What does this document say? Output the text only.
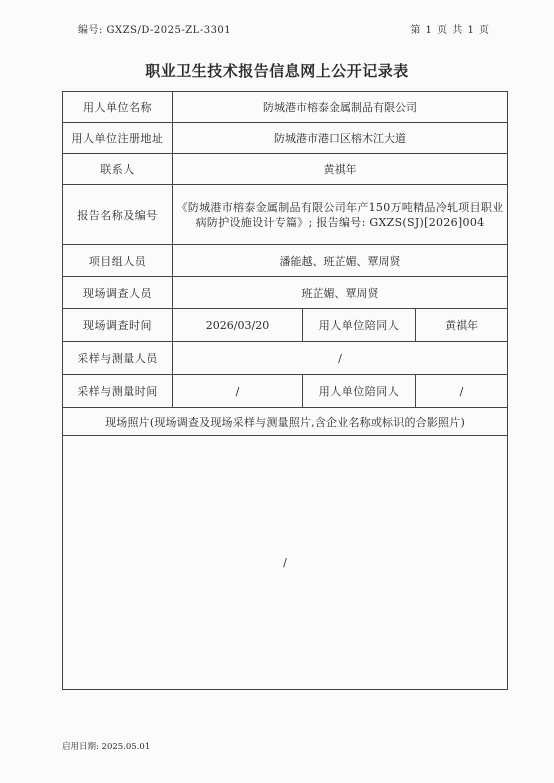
编号: GXZS/D-2025-ZL-3301	第 1 页 共 1 页
职业卫生技术报告信息网上公开记录表
用人单位名称	防城港市榕泰金属制品有限公司		
用人单位注册地址	防城港市港口区榕木江大道		
联系人	黄祺年		
报告名称及编号	《防城港市榕泰金属制品有限公司年产150万吨精品冷轧项目职业病防护设施设计专篇》; 报告编号: GXZS(SJ)[2026]004		
项目组人员	潘能越、班芷媚、覃周贤		
现场调查人员	班芷媚、覃周贤		
现场调查时间	2026/03/20	用人单位陪同人	黄祺年
采样与测量人员	/		
采样与测量时间	/	用人单位陪同人	/
现场照片(现场调查及现场采样与测量照片,含企业名称或标识的合影照片)			
/			
启用日期: 2025.05.01
